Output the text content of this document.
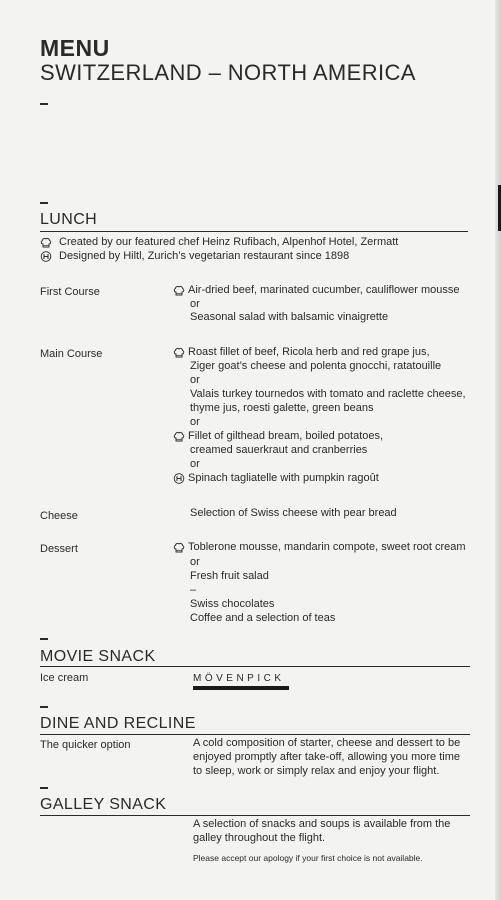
MENU
SWITZERLAND – NORTH AMERICA
LUNCH
Created by our featured chef Heinz Rufibach, Alpenhof Hotel, Zermatt
Designed by Hiltl, Zurich’s vegetarian restaurant since 1898
First Course	Air-dried beef, marinated cucumber, cauliflower mousse
or
Seasonal salad with balsamic vinaigrette
Main Course	Roast fillet of beef, Ricola herb and red grape jus,
Ziger goat’s cheese and polenta gnocchi, ratatouille
or
Valais turkey tournedos with tomato and raclette cheese,
thyme jus, roesti galette, green beans
or
Fillet of gilthead bream, boiled potatoes,
creamed sauerkraut and cranberries
or
Spinach tagliatelle with pumpkin ragoût
Cheese	Selection of Swiss cheese with pear bread
Dessert	Toblerone mousse, mandarin compote, sweet root cream
or
Fresh fruit salad
–
Swiss chocolates
Coffee and a selection of teas
MOVIE SNACK
Ice cream	MÖVENPICK
DINE AND RECLINE
The quicker option	A cold composition of starter, cheese and dessert to be
enjoyed promptly after take-off, allowing you more time
to sleep, work or simply relax and enjoy your flight.
GALLEY SNACK
A selection of snacks and soups is available from the
galley throughout the flight.
Please accept our apology if your first choice is not available.
